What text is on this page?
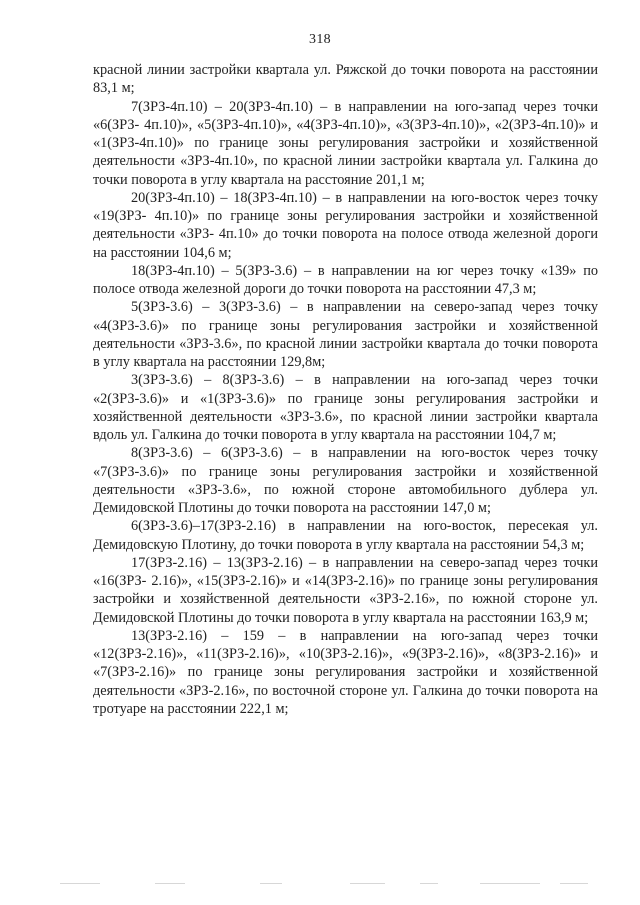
318

красной линии застройки квартала ул. Ряжской до точки поворота на расстоянии 83,1 м;

7(ЗРЗ-4п.10) – 20(ЗРЗ-4п.10) – в направлении на юго-запад через точки «6(ЗРЗ- 4п.10)», «5(ЗРЗ-4п.10)», «4(ЗРЗ-4п.10)», «3(ЗРЗ-4п.10)», «2(ЗРЗ-4п.10)» и «1(ЗРЗ-4п.10)» по границе зоны регулирования застройки и хозяйственной деятельности «ЗРЗ-4п.10», по красной линии застройки квартала ул. Галкина до точки поворота в углу квартала на расстояние 201,1 м;

20(ЗРЗ-4п.10) – 18(ЗРЗ-4п.10) – в направлении на юго-восток через точку «19(ЗРЗ- 4п.10)» по границе зоны регулирования застройки и хозяйственной деятельности «ЗРЗ- 4п.10» до точки поворота на полосе отвода железной дороги на расстоянии 104,6 м;

18(ЗРЗ-4п.10) – 5(ЗРЗ-3.6) – в направлении на юг через точку «139» по полосе отвода железной дороги до точки поворота на расстоянии 47,3 м;

5(ЗРЗ-3.6) – 3(ЗРЗ-3.6) – в направлении на северо-запад через точку «4(ЗРЗ-3.6)» по границе зоны регулирования застройки и хозяйственной деятельности «ЗРЗ-3.6», по красной линии застройки квартала до точки поворота в углу квартала на расстоянии 129,8м;

3(ЗРЗ-3.6) – 8(ЗРЗ-3.6) – в направлении на юго-запад через точки «2(ЗРЗ-3.6)» и «1(ЗРЗ-3.6)» по границе зоны регулирования застройки и хозяйственной деятельности «ЗРЗ-3.6», по красной линии застройки квартала вдоль ул. Галкина до точки поворота в углу квартала на расстоянии 104,7 м;

8(ЗРЗ-3.6) – 6(ЗРЗ-3.6) – в направлении на юго-восток через точку «7(ЗРЗ-3.6)» по границе зоны регулирования застройки и хозяйственной деятельности «ЗРЗ-3.6», по южной стороне автомобильного дублера ул. Демидовской Плотины до точки поворота на расстоянии 147,0 м;

6(ЗРЗ-3.6)–17(ЗРЗ-2.16) в направлении на юго-восток, пересекая ул. Демидовскую Плотину, до точки поворота в углу квартала на расстоянии 54,3 м;

17(ЗРЗ-2.16) – 13(ЗРЗ-2.16) – в направлении на северо-запад через точки «16(ЗРЗ- 2.16)», «15(ЗРЗ-2.16)» и «14(ЗРЗ-2.16)» по границе зоны регулирования застройки и хозяйственной деятельности «ЗРЗ-2.16», по южной стороне ул. Демидовской Плотины до точки поворота в углу квартала на расстоянии 163,9 м;

13(ЗРЗ-2.16) – 159 – в направлении на юго-запад через точки «12(ЗРЗ-2.16)», «11(ЗРЗ-2.16)», «10(ЗРЗ-2.16)», «9(ЗРЗ-2.16)», «8(ЗРЗ-2.16)» и «7(ЗРЗ-2.16)» по границе зоны регулирования застройки и хозяйственной деятельности «ЗРЗ-2.16», по восточной стороне ул. Галкина до точки поворота на тротуаре на расстоянии 222,1 м;
